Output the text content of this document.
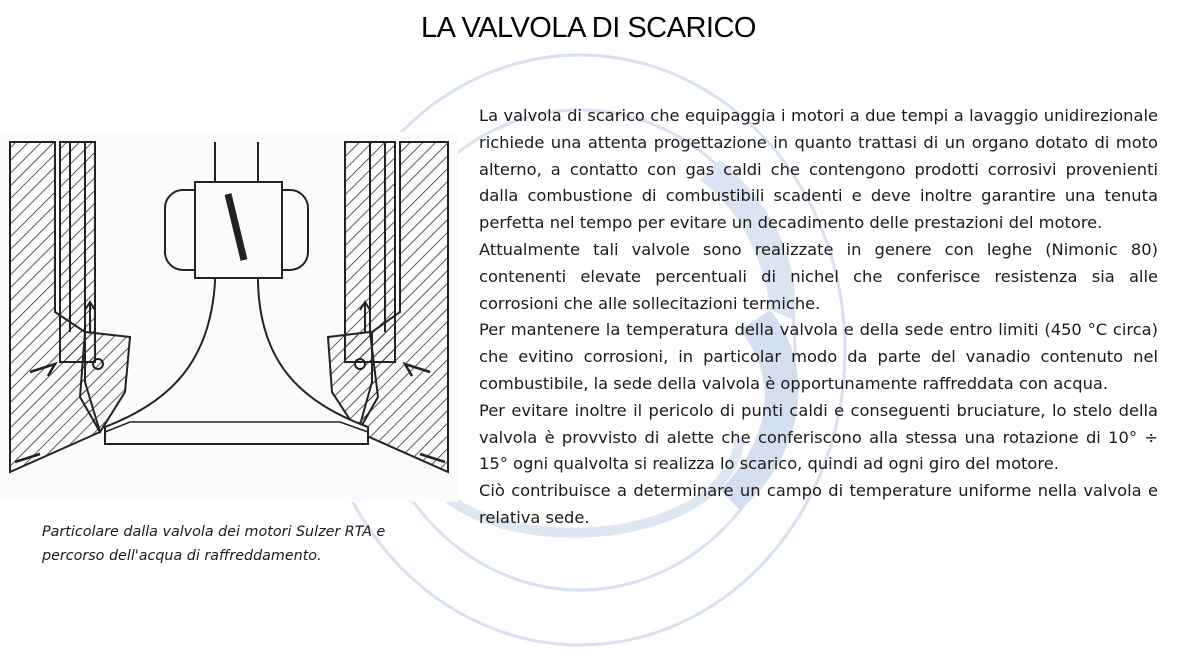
LA VALVOLA DI SCARICO
Particolare dalla valvola dei motori Sulzer RTA e percorso dell'acqua di raffreddamento.

La valvola di scarico che equipaggia i motori a due tempi a lavaggio unidirezionale richiede una attenta progettazione in quanto trattasi di un organo dotato di moto alterno, a contatto con gas caldi che contengono prodotti corrosivi provenienti dalla combustione di combustibili scadenti e deve inoltre garantire una tenuta perfetta nel tempo per evitare un decadimento delle prestazioni del motore.

Attualmente tali valvole sono realizzate in genere con leghe (Nimonic 80) contenenti elevate percentuali di nichel che conferisce resistenza sia alle corrosioni che alle sollecitazioni termiche.

Per mantenere la temperatura della valvola e della sede entro limiti (450 °C circa) che evitino corrosioni, in particolar modo da parte del vanadio contenuto nel combustibile, la sede della valvola è opportunamente raffreddata con acqua.

Per evitare inoltre il pericolo di punti caldi e conseguenti bruciature, lo stelo della valvola è provvisto di alette che conferiscono alla stessa una rotazione di 10° ÷ 15° ogni qualvolta si realizza lo scarico, quindi ad ogni giro del motore.

Ciò contribuisce a determinare un campo di temperature uniforme nella valvola e relativa sede.
